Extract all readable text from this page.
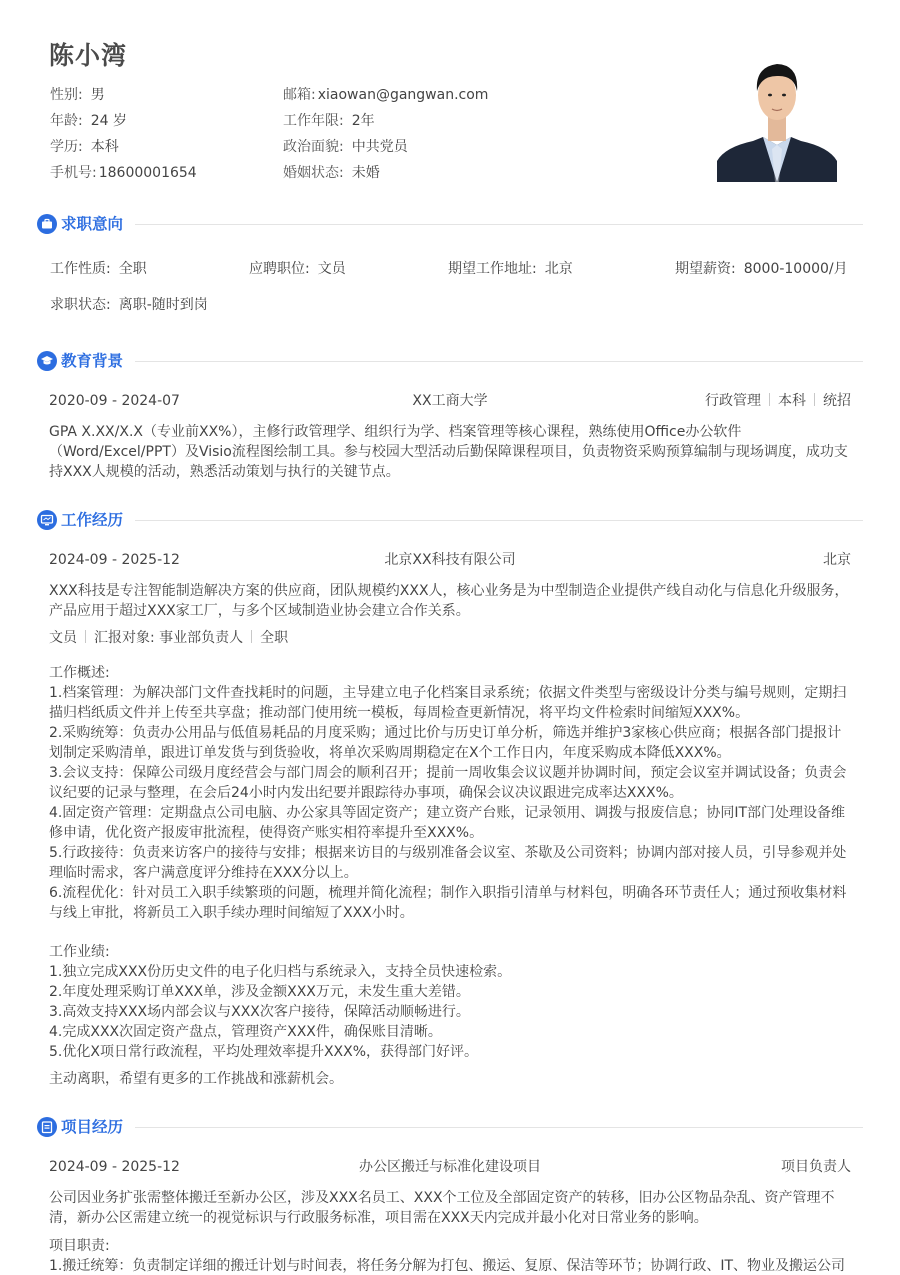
陈小湾
性别: 男	邮箱: xiaowan@gangwan.com
年龄: 24 岁	工作年限: 2年
学历: 本科	政治面貌: 中共党员
手机号: 18600001654	婚姻状态: 未婚
求职意向
工作性质: 全职	应聘职位: 文员	期望工作地址: 北京	期望薪资: 8000-10000/月
求职状态: 离职-随时到岗
教育背景
2020-09 - 2024-07	XX工商大学	行政管理 本科 统招
GPA X.XX/X.X（专业前XX%），主修行政管理学、组织行为学、档案管理等核心课程，熟练使用Office办公软件（Word/Excel/PPT）及Visio流程图绘制工具。参与校园大型活动后勤保障课程项目，负责物资采购预算编制与现场调度，成功支持XXX人规模的活动，熟悉活动策划与执行的关键节点。
工作经历
2024-09 - 2025-12	北京XX科技有限公司	北京
XXX科技是专注智能制造解决方案的供应商，团队规模约XXX人，核心业务是为中型制造企业提供产线自动化与信息化升级服务，产品应用于超过XXX家工厂，与多个区域制造业协会建立合作关系。
文员 汇报对象: 事业部负责人 全职
工作概述:
1.档案管理：为解决部门文件查找耗时的问题，主导建立电子化档案目录系统；依据文件类型与密级设计分类与编号规则，定期扫描归档纸质文件并上传至共享盘；推动部门使用统一模板，每周检查更新情况，将平均文件检索时间缩短XXX%。
2.采购统筹：负责办公用品与低值易耗品的月度采购；通过比价与历史订单分析，筛选并维护3家核心供应商；根据各部门提报计划制定采购清单，跟进订单发货与到货验收，将单次采购周期稳定在X个工作日内，年度采购成本降低XXX%。
3.会议支持：保障公司级月度经营会与部门周会的顺利召开；提前一周收集会议议题并协调时间，预定会议室并调试设备；负责会议纪要的记录与整理，在会后24小时内发出纪要并跟踪待办事项，确保会议决议跟进完成率达XXX%。
4.固定资产管理：定期盘点公司电脑、办公家具等固定资产；建立资产台账，记录领用、调拨与报废信息；协同IT部门处理设备维修申请，优化资产报废审批流程，使得资产账实相符率提升至XXX%。
5.行政接待：负责来访客户的接待与安排；根据来访目的与级别准备会议室、茶歇及公司资料；协调内部对接人员，引导参观并处理临时需求，客户满意度评分维持在XXX分以上。
6.流程优化：针对员工入职手续繁琐的问题，梳理并简化流程；制作入职指引清单与材料包，明确各环节责任人；通过预收集材料与线上审批，将新员工入职手续办理时间缩短了XXX小时。
工作业绩:
1.独立完成XXX份历史文件的电子化归档与系统录入，支持全员快速检索。
2.年度处理采购订单XXX单，涉及金额XXX万元，未发生重大差错。
3.高效支持XXX场内部会议与XXX次客户接待，保障活动顺畅进行。
4.完成XXX次固定资产盘点，管理资产XXX件，确保账目清晰。
5.优化X项日常行政流程，平均处理效率提升XXX%，获得部门好评。
主动离职，希望有更多的工作挑战和涨薪机会。
项目经历
2024-09 - 2025-12	办公区搬迁与标准化建设项目	项目负责人
公司因业务扩张需整体搬迁至新办公区，涉及XXX名员工、XXX个工位及全部固定资产的转移，旧办公区物品杂乱、资产管理不清，新办公区需建立统一的视觉标识与行政服务标准，项目需在XXX天内完成并最小化对日常业务的影响。
项目职责:
1.搬迁统筹：负责制定详细的搬迁计划与时间表，将任务分解为打包、搬运、复原、保洁等环节；协调行政、IT、物业及搬运公司
